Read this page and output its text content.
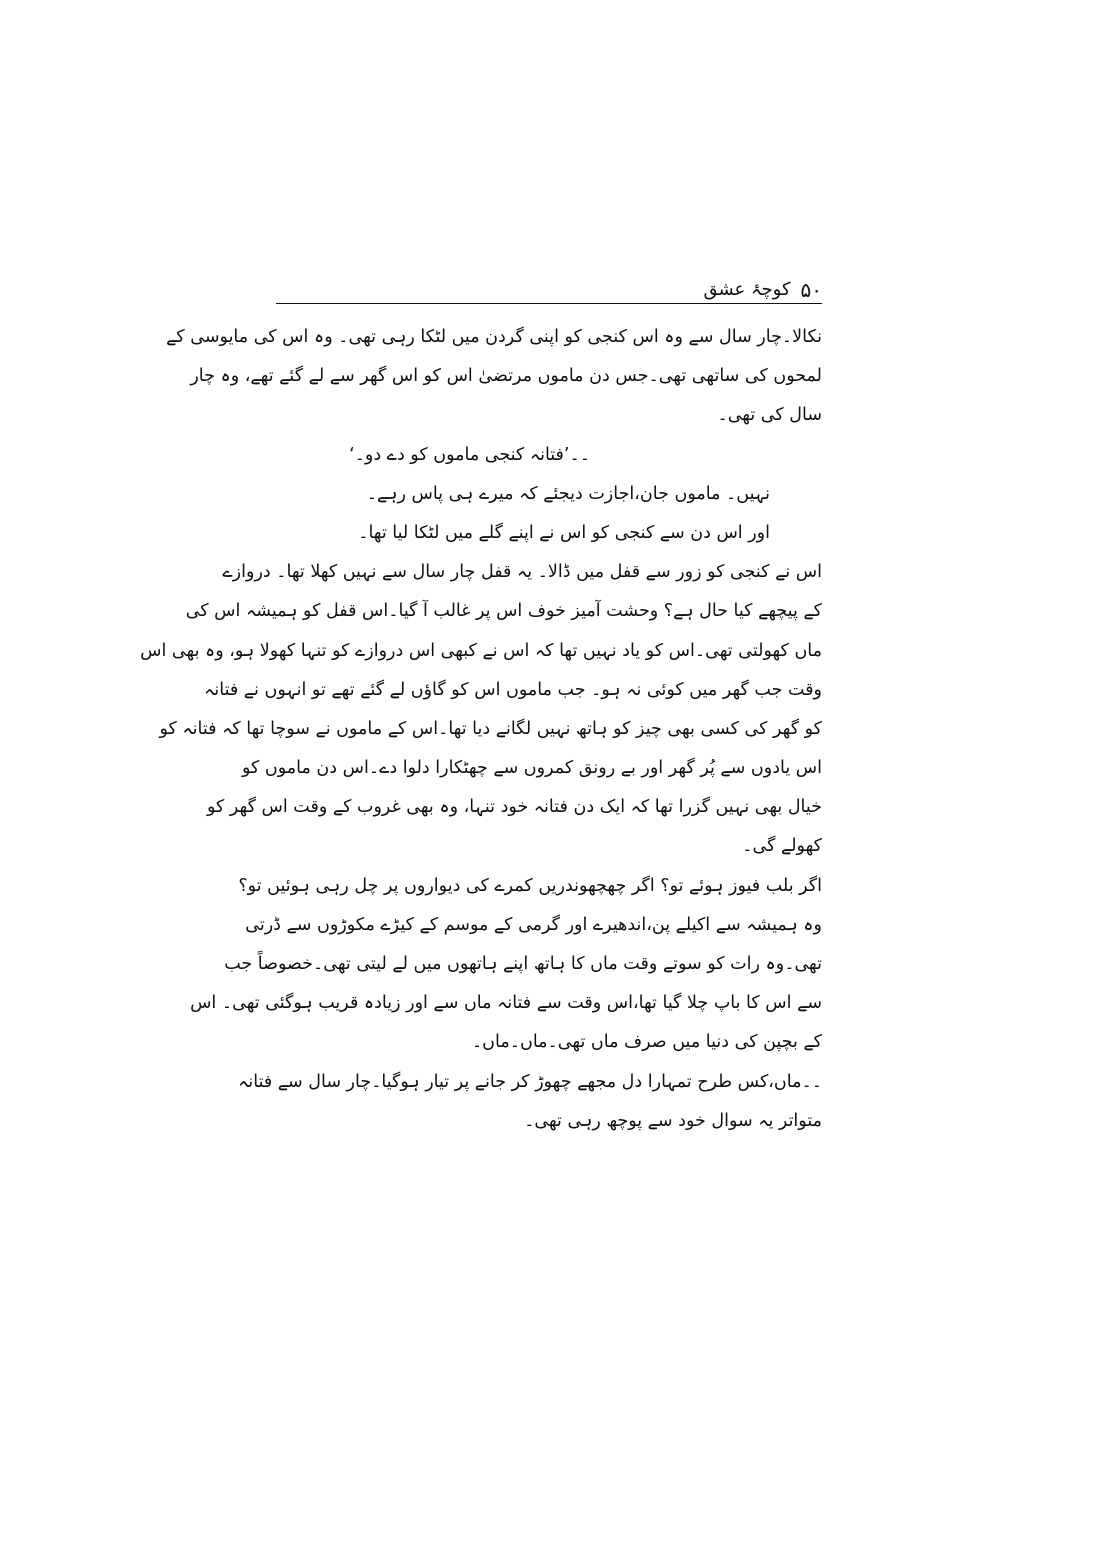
۵۰
کوچۂ عشق
نکالا۔چار سال سے وہ اس کنجی کو اپنی گردن میں لٹکا رہی تھی۔ وہ اس کی مایوسی کے
لمحوں کی ساتھی تھی۔جس دن ماموں مرتضیٰ اس کو اس گھر سے لے گئے تھے، وہ چار
سال کی تھی۔
۔۔’فتانہ کنجی ماموں کو دے دو۔‘
نہیں۔ ماموں جان،اجازت دیجئے کہ میرے ہی پاس رہے۔
اور اس دن سے کنجی کو اس نے اپنے گلے میں لٹکا لیا تھا۔
اس نے کنجی کو زور سے قفل میں ڈالا۔ یہ قفل چار سال سے نہیں کھلا تھا۔ دروازے
کے پیچھے کیا حال ہے؟ وحشت آمیز خوف اس پر غالب آ گیا۔اس قفل کو ہمیشہ اس کی
ماں کھولتی تھی۔اس کو یاد نہیں تھا کہ اس نے کبھی اس دروازے کو تنہا کھولا ہو، وہ بھی اس
وقت جب گھر میں کوئی نہ ہو۔ جب ماموں اس کو گاؤں لے گئے تھے تو انہوں نے فتانہ
کو گھر کی کسی بھی چیز کو ہاتھ نہیں لگانے دیا تھا۔اس کے ماموں نے سوچا تھا کہ فتانہ کو
اس یادوں سے پُر گھر اور بے رونق کمروں سے چھٹکارا دلوا دے۔اس دن ماموں کو
خیال بھی نہیں گزرا تھا کہ ایک دن فتانہ خود تنہا، وہ بھی غروب کے وقت اس گھر کو
کھولے گی۔
اگر بلب فیوز ہوئے تو؟ اگر چھچھوندریں کمرے کی دیواروں پر چل رہی ہوئیں تو؟
وہ ہمیشہ سے اکیلے پن،اندھیرے اور گرمی کے موسم کے کیڑے مکوڑوں سے ڈرتی
تھی۔وہ رات کو سوتے وقت ماں کا ہاتھ اپنے ہاتھوں میں لے لیتی تھی۔خصوصاً جب
سے اس کا باپ چلا گیا تھا،اس وقت سے فتانہ ماں سے اور زیادہ قریب ہوگئی تھی۔ اس
کے بچپن کی دنیا میں صرف ماں تھی۔ماں۔ماں۔
۔۔ماں،کس طرح تمہارا دل مجھے چھوڑ کر جانے پر تیار ہوگیا۔چار سال سے فتانہ
متواتر یہ سوال خود سے پوچھ رہی تھی۔
